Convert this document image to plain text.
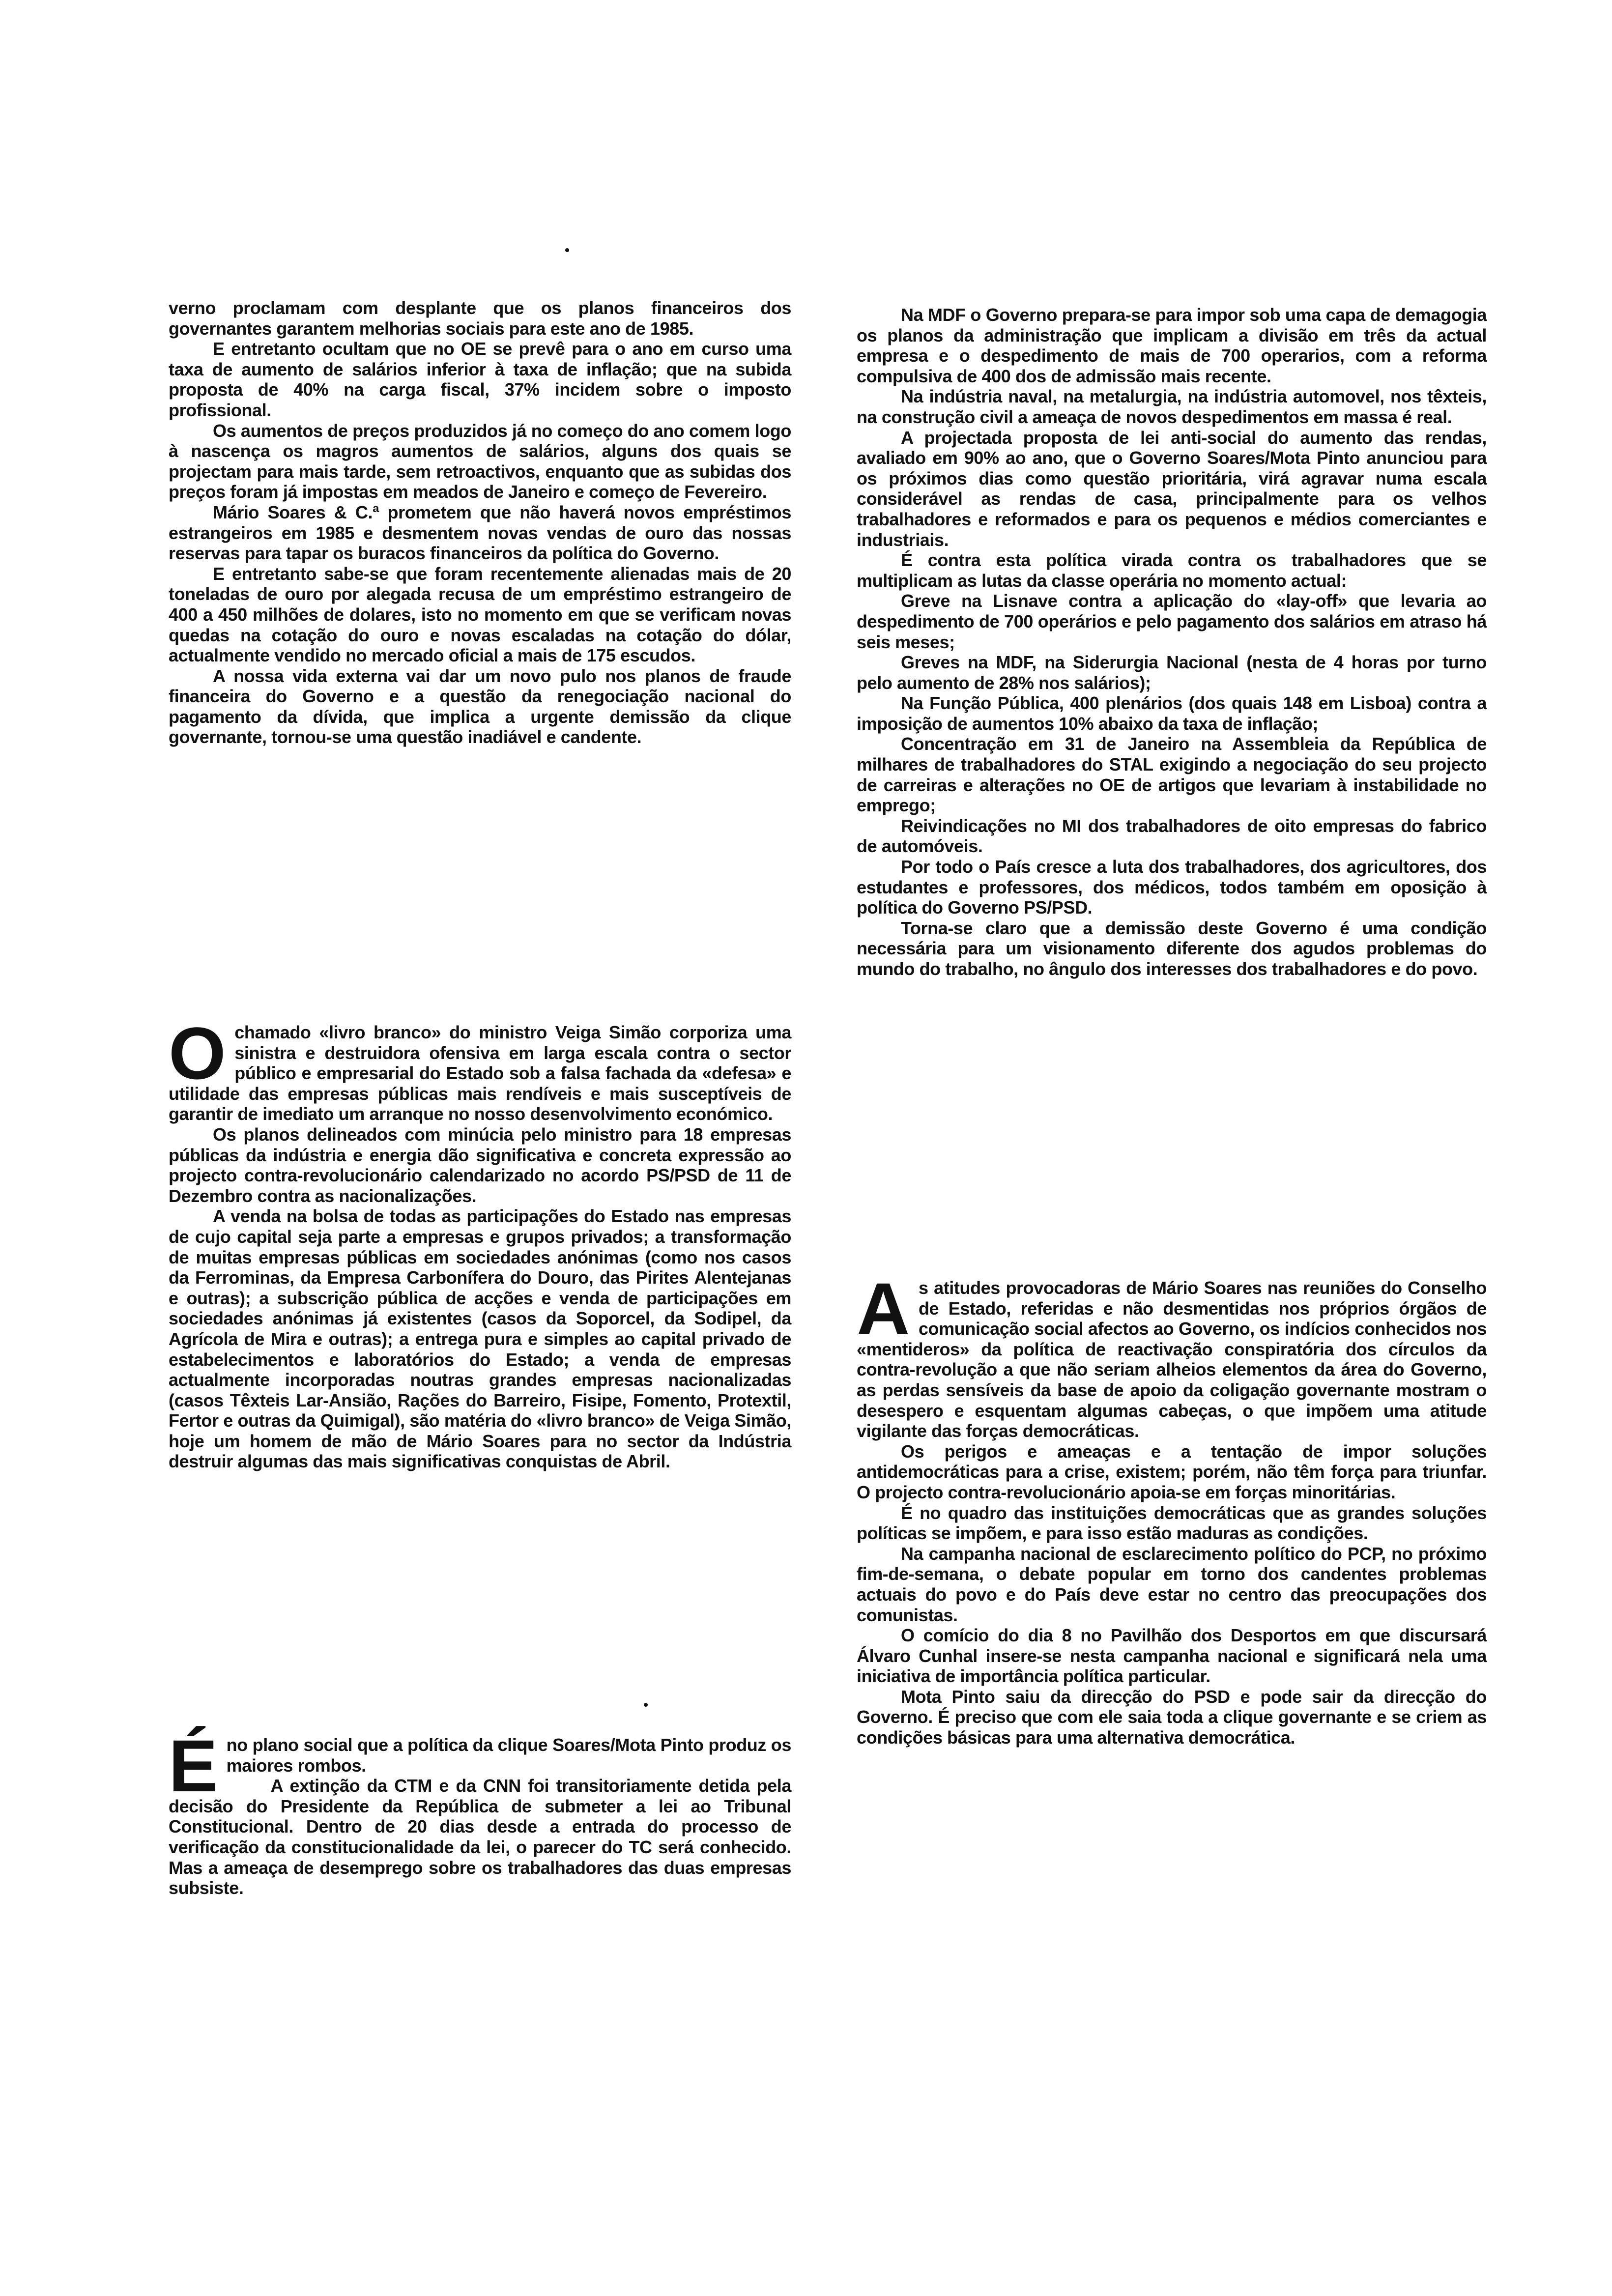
verno proclamam com desplante que os planos financeiros dos governantes garantem melhorias sociais para este ano de 1985.

E entretanto ocultam que no OE se prevê para o ano em curso uma taxa de aumento de salários inferior à taxa de inflação; que na subida proposta de 40% na carga fiscal, 37% incidem sobre o imposto profissional.

Os aumentos de preços produzidos já no começo do ano comem logo à nascença os magros aumentos de salários, alguns dos quais se projectam para mais tarde, sem retroactivos, enquanto que as subidas dos preços foram já impostas em meados de Janeiro e começo de Fevereiro.

Mário Soares & C.ª prometem que não haverá novos empréstimos estrangeiros em 1985 e desmentem novas vendas de ouro das nossas reservas para tapar os buracos financeiros da política do Governo.

E entretanto sabe-se que foram recentemente alienadas mais de 20 toneladas de ouro por alegada recusa de um empréstimo estrangeiro de 400 a 450 milhões de dolares, isto no momento em que se verificam novas quedas na cotação do ouro e novas escaladas na cotação do dólar, actualmente vendido no mercado oficial a mais de 175 escudos.

A nossa vida externa vai dar um novo pulo nos planos de fraude financeira do Governo e a questão da renegociação nacional do pagamento da dívida, que implica a urgente demissão da clique governante, tornou-se uma questão inadiável e candente.

O chamado «livro branco» do ministro Veiga Simão corporiza uma sinistra e destruidora ofensiva em larga escala contra o sector público e empresarial do Estado sob a falsa fachada da «defesa» e utilidade das empresas públicas mais rendíveis e mais susceptíveis de garantir de imediato um arranque no nosso desenvolvimento económico.

Os planos delineados com minúcia pelo ministro para 18 empresas públicas da indústria e energia dão significativa e concreta expressão ao projecto contra-revolucionário calendarizado no acordo PS/PSD de 11 de Dezembro contra as nacionalizações.

A venda na bolsa de todas as participações do Estado nas empresas de cujo capital seja parte a empresas e grupos privados; a transformação de muitas empresas públicas em sociedades anónimas (como nos casos da Ferrominas, da Empresa Carbonífera do Douro, das Pirites Alentejanas e outras); a subscrição pública de acções e venda de participações em sociedades anónimas já existentes (casos da Soporcel, da Sodipel, da Agrícola de Mira e outras); a entrega pura e simples ao capital privado de estabelecimentos e laboratórios do Estado; a venda de empresas actualmente incorporadas noutras grandes empresas nacionalizadas (casos Têxteis Lar-Ansião, Rações do Barreiro, Fisipe, Fomento, Protextil, Fertor e outras da Quimigal), são matéria do «livro branco» de Veiga Simão, hoje um homem de mão de Mário Soares para no sector da Indústria destruir algumas das mais significativas conquistas de Abril.

É no plano social que a política da clique Soares/Mota Pinto produz os maiores rombos.

A extinção da CTM e da CNN foi transitoriamente detida pela decisão do Presidente da República de submeter a lei ao Tribunal Constitucional. Dentro de 20 dias desde a entrada do processo de verificação da constitucionalidade da lei, o parecer do TC será conhecido. Mas a ameaça de desemprego sobre os trabalhadores das duas empresas subsiste.

Na MDF o Governo prepara-se para impor sob uma capa de demagogia os planos da administração que implicam a divisão em três da actual empresa e o despedimento de mais de 700 operarios, com a reforma compulsiva de 400 dos de admissão mais recente.

Na indústria naval, na metalurgia, na indústria automovel, nos têxteis, na construção civil a ameaça de novos despedimentos em massa é real.

A projectada proposta de lei anti-social do aumento das rendas, avaliado em 90% ao ano, que o Governo Soares/Mota Pinto anunciou para os próximos dias como questão prioritária, virá agravar numa escala considerável as rendas de casa, principalmente para os velhos trabalhadores e reformados e para os pequenos e médios comerciantes e industriais.

É contra esta política virada contra os trabalhadores que se multiplicam as lutas da classe operária no momento actual:

Greve na Lisnave contra a aplicação do «lay-off» que levaria ao despedimento de 700 operários e pelo pagamento dos salários em atraso há seis meses;

Greves na MDF, na Siderurgia Nacional (nesta de 4 horas por turno pelo aumento de 28% nos salários);

Na Função Pública, 400 plenários (dos quais 148 em Lisboa) contra a imposição de aumentos 10% abaixo da taxa de inflação;

Concentração em 31 de Janeiro na Assembleia da República de milhares de trabalhadores do STAL exigindo a negociação do seu projecto de carreiras e alterações no OE de artigos que levariam à instabilidade no emprego;

Reivindicações no MI dos trabalhadores de oito empresas do fabrico de automóveis.

Por todo o País cresce a luta dos trabalhadores, dos agricultores, dos estudantes e professores, dos médicos, todos também em oposição à política do Governo PS/PSD.

Torna-se claro que a demissão deste Governo é uma condição necessária para um visionamento diferente dos agudos problemas do mundo do trabalho, no ângulo dos interesses dos trabalhadores e do povo.

A s atitudes provocadoras de Mário Soares nas reuniões do Conselho de Estado, referidas e não desmentidas nos próprios órgãos de comunicação social afectos ao Governo, os indícios conhecidos nos «mentideros» da política de reactivação conspiratória dos círculos da contra-revolução a que não seriam alheios elementos da área do Governo, as perdas sensíveis da base de apoio da coligação governante mostram o desespero e esquentam algumas cabeças, o que impõem uma atitude vigilante das forças democráticas.

Os perigos e ameaças e a tentação de impor soluções antidemocráticas para a crise, existem; porém, não têm força para triunfar. O projecto contra-revolucionário apoia-se em forças minoritárias.

É no quadro das instituições democráticas que as grandes soluções políticas se impõem, e para isso estão maduras as condições.

Na campanha nacional de esclarecimento político do PCP, no próximo fim-de-semana, o debate popular em torno dos candentes problemas actuais do povo e do País deve estar no centro das preocupações dos comunistas.

O comício do dia 8 no Pavilhão dos Desportos em que discursará Álvaro Cunhal insere-se nesta campanha nacional e significará nela uma iniciativa de importância política particular.

Mota Pinto saiu da direcção do PSD e pode sair da direcção do Governo. É preciso que com ele saia toda a clique governante e se criem as condições básicas para uma alternativa democrática.
